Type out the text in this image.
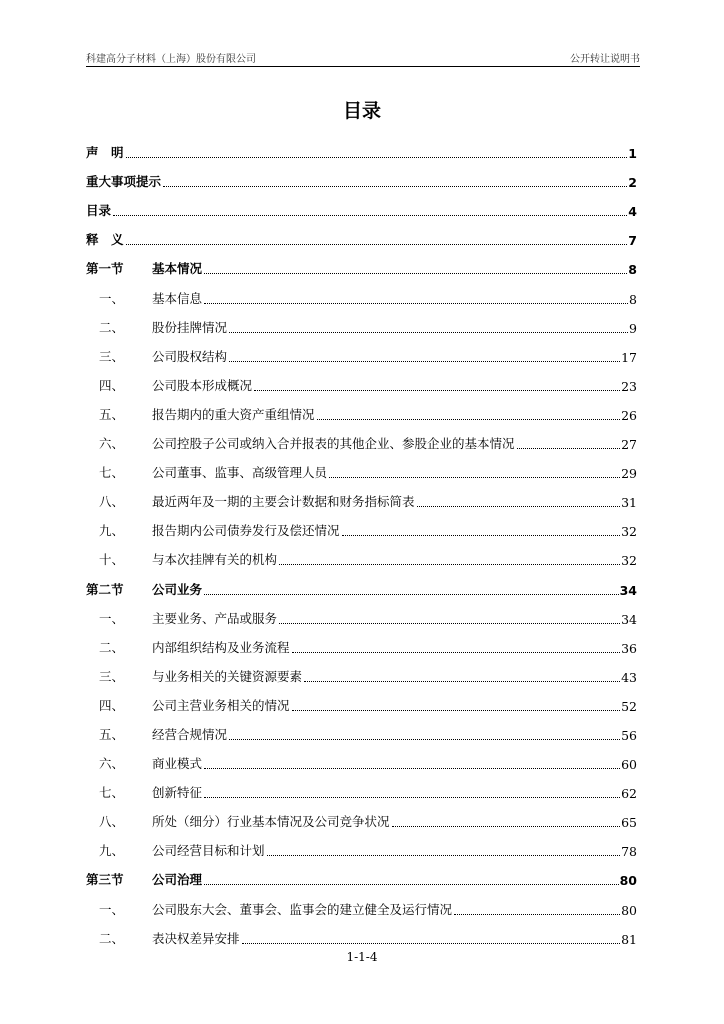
科建高分子材料（上海）股份有限公司	公开转让说明书
目录
声　明	1
重大事项提示	2
目录	4
释　义	7
第一节	基本情况	8
一、	基本信息	8
二、	股份挂牌情况	9
三、	公司股权结构	17
四、	公司股本形成概况	23
五、	报告期内的重大资产重组情况	26
六、	公司控股子公司或纳入合并报表的其他企业、参股企业的基本情况	27
七、	公司董事、监事、高级管理人员	29
八、	最近两年及一期的主要会计数据和财务指标简表	31
九、	报告期内公司债券发行及偿还情况	32
十、	与本次挂牌有关的机构	32
第二节	公司业务	34
一、	主要业务、产品或服务	34
二、	内部组织结构及业务流程	36
三、	与业务相关的关键资源要素	43
四、	公司主营业务相关的情况	52
五、	经营合规情况	56
六、	商业模式	60
七、	创新特征	62
八、	所处（细分）行业基本情况及公司竞争状况	65
九、	公司经营目标和计划	78
第三节	公司治理	80
一、	公司股东大会、董事会、监事会的建立健全及运行情况	80
二、	表决权差异安排	81
1-1-4
